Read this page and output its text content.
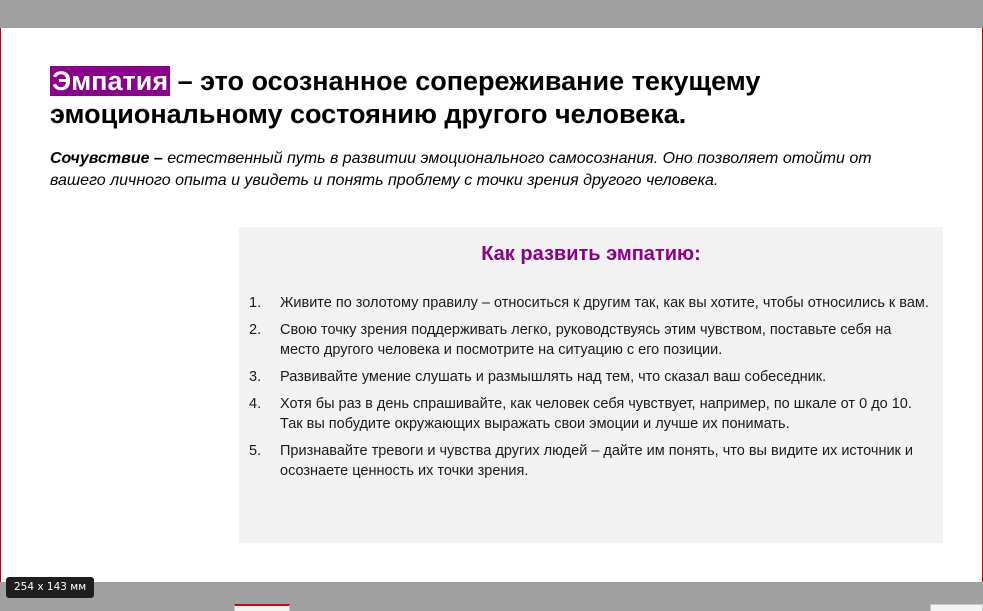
Эмпатия – это осознанное сопереживание текущему эмоциональному состоянию другого человека.

Сочувствие – естественный путь в развитии эмоционального самосознания. Оно позволяет отойти от вашего личного опыта и увидеть и понять проблему с точки зрения другого человека.

Как развить эмпатию:
1.	Живите по золотому правилу – относиться к другим так, как вы хотите, чтобы относились к вам.
2.	Свою точку зрения поддерживать легко, руководствуясь этим чувством, поставьте себя на место другого человека и посмотрите на ситуацию с его позиции.
3.	Развивайте умение слушать и размышлять над тем, что сказал ваш собеседник.
4.	Хотя бы раз в день спрашивайте, как человек себя чувствует, например, по шкале от 0 до 10. Так вы побудите окружающих выражать свои эмоции и лучше их понимать.
5.	Признавайте тревоги и чувства других людей – дайте им понять, что вы видите их источник и осознаете ценность их точки зрения.
254 x 143 мм
